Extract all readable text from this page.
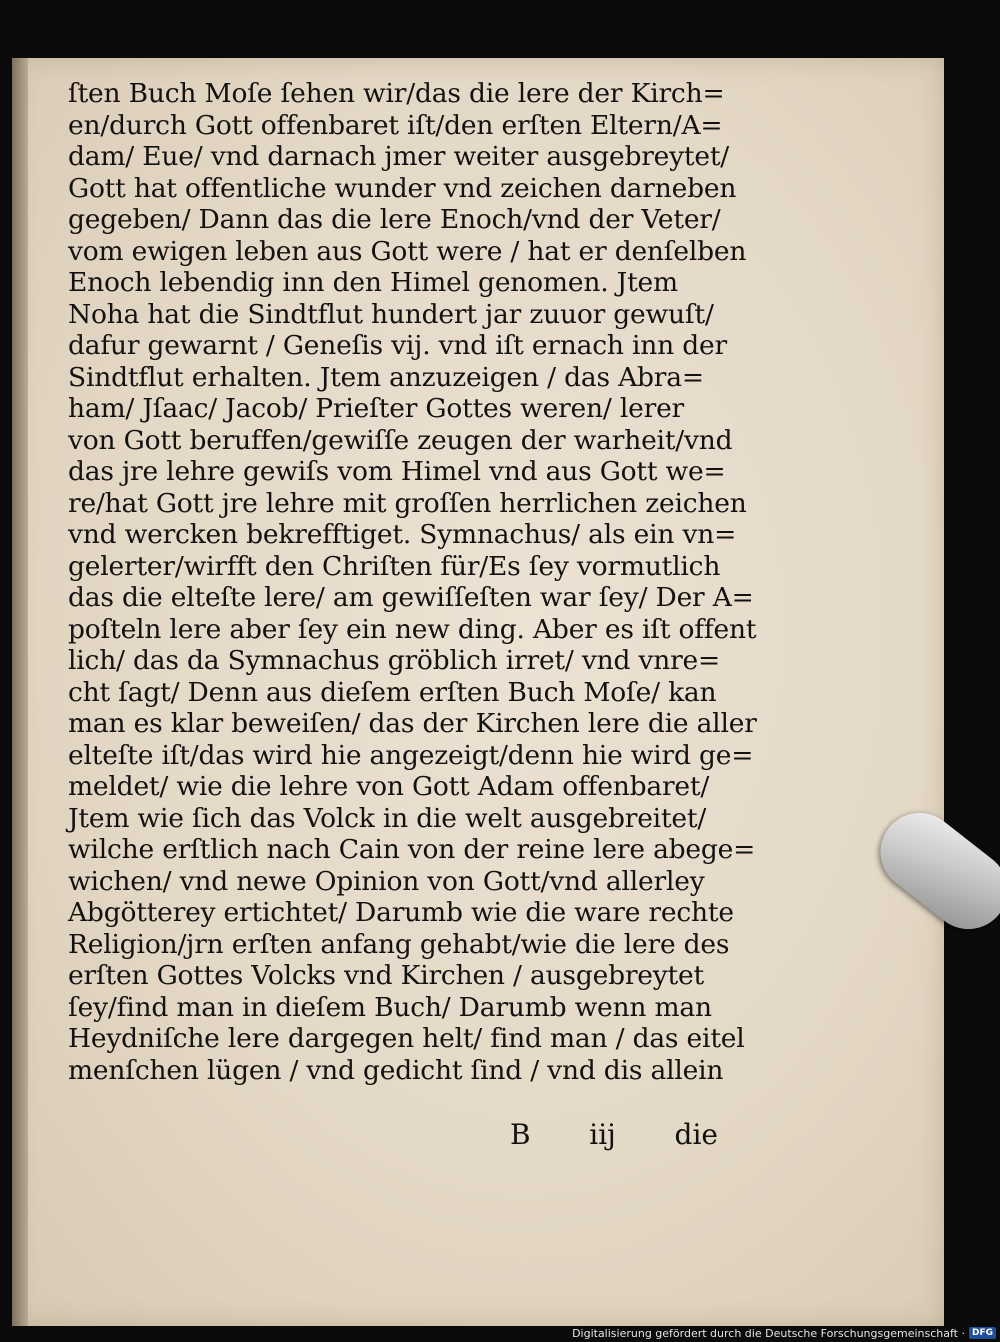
ſten Buch Moſe ſehen wir/das die lere der Kirch=
en/durch Gott offenbaret iſt/den erſten Eltern/A=
dam/ Eue/ vnd darnach jmer weiter ausgebreytet/
Gott hat offentliche wunder vnd zeichen darneben
gegeben/ Dann das die lere Enoch/vnd der Veter/
vom ewigen leben aus Gott were / hat er denſelben
Enoch lebendig inn den Himel genomen. Jtem
Noha hat die Sindtflut hundert jar zuuor gewuſt/
dafur gewarnt / Geneſis vij. vnd iſt ernach inn der
Sindtflut erhalten. Jtem anzuzeigen / das Abra=
ham/ Jſaac/ Jacob/ Prieſter Gottes weren/ lerer
von Gott beruffen/gewiſſe zeugen der warheit/vnd
das jre lehre gewiſs vom Himel vnd aus Gott we=
re/hat Gott jre lehre mit groſſen herrlichen zeichen
vnd wercken bekrefftiget. Symnachus/ als ein vn=
gelerter/wirfft den Chriſten für/Es ſey vormutlich
das die elteſte lere/ am gewiſſeſten war ſey/ Der A=
poſteln lere aber ſey ein new ding. Aber es iſt offent
lich/ das da Symnachus gröblich irret/ vnd vnre=
cht ſagt/ Denn aus dieſem erſten Buch Moſe/ kan
man es klar beweiſen/ das der Kirchen lere die aller
elteſte iſt/das wird hie angezeigt/denn hie wird ge=
meldet/ wie die lehre von Gott Adam offenbaret/
Jtem wie ſich das Volck in die welt ausgebreitet/
wilche erſtlich nach Cain von der reine lere abege=
wichen/ vnd newe Opinion von Gott/vnd allerley
Abgötterey ertichtet/ Darumb wie die ware rechte
Religion/jrn erſten anfang gehabt/wie die lere des
erſten Gottes Volcks vnd Kirchen / ausgebreytet
ſey/find man in dieſem Buch/ Darumb wenn man
Heydniſche lere dargegen helt/ find man / das eitel
menſchen lügen / vnd gedicht ſind / vnd dis allein
B iij die
Digitalisierung gefördert durch die Deutsche Forschungsgemeinschaft · DFG
